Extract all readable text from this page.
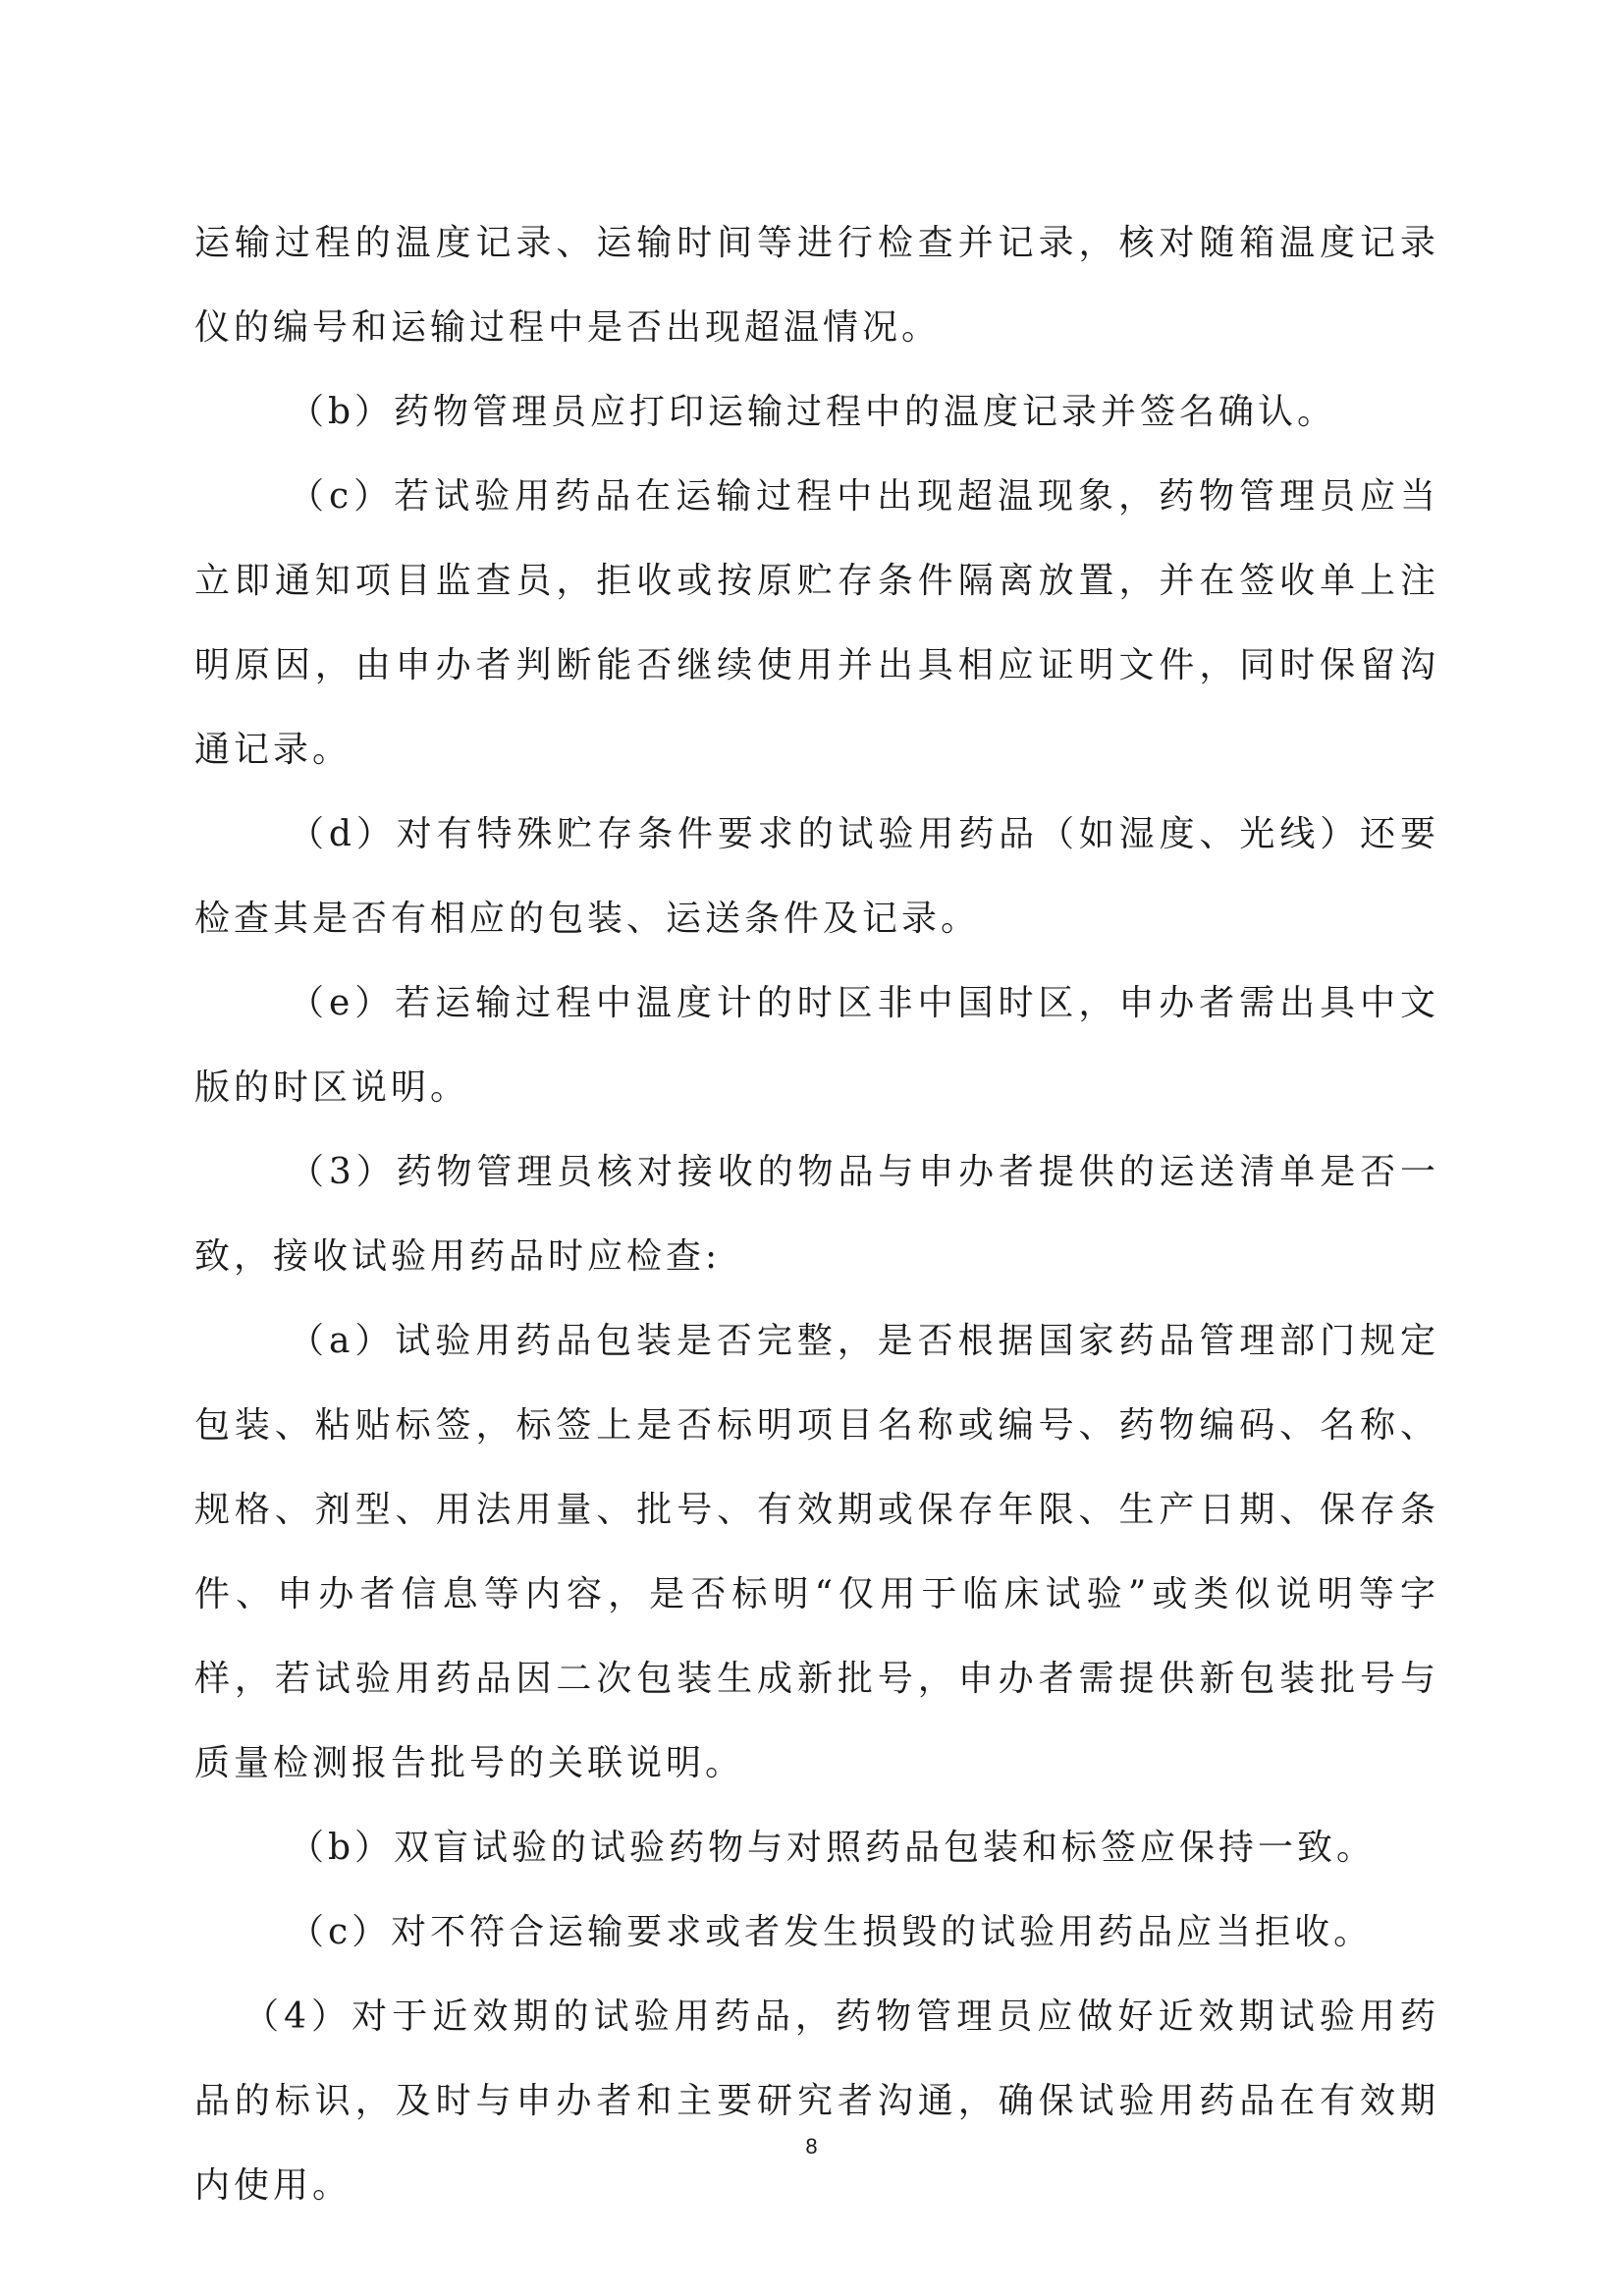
运输过程的温度记录、运输时间等进行检查并记录，核对随箱温度记录仪的编号和运输过程中是否出现超温情况。

（b）药物管理员应打印运输过程中的温度记录并签名确认。

（c）若试验用药品在运输过程中出现超温现象，药物管理员应当立即通知项目监查员，拒收或按原贮存条件隔离放置，并在签收单上注明原因，由申办者判断能否继续使用并出具相应证明文件，同时保留沟通记录。

（d）对有特殊贮存条件要求的试验用药品（如湿度、光线）还要检查其是否有相应的包装、运送条件及记录。

（e）若运输过程中温度计的时区非中国时区，申办者需出具中文版的时区说明。

（3）药物管理员核对接收的物品与申办者提供的运送清单是否一致，接收试验用药品时应检查:

（a）试验用药品包装是否完整，是否根据国家药品管理部门规定包装、粘贴标签，标签上是否标明项目名称或编号、药物编码、名称、规格、剂型、用法用量、批号、有效期或保存年限、生产日期、保存条件、申办者信息等内容，是否标明“仅用于临床试验”或类似说明等字样，若试验用药品因二次包装生成新批号，申办者需提供新包装批号与质量检测报告批号的关联说明。

（b）双盲试验的试验药物与对照药品包装和标签应保持一致。

（c）对不符合运输要求或者发生损毁的试验用药品应当拒收。

（4）对于近效期的试验用药品，药物管理员应做好近效期试验用药品的标识，及时与申办者和主要研究者沟通，确保试验用药品在有效期内使用。

8
